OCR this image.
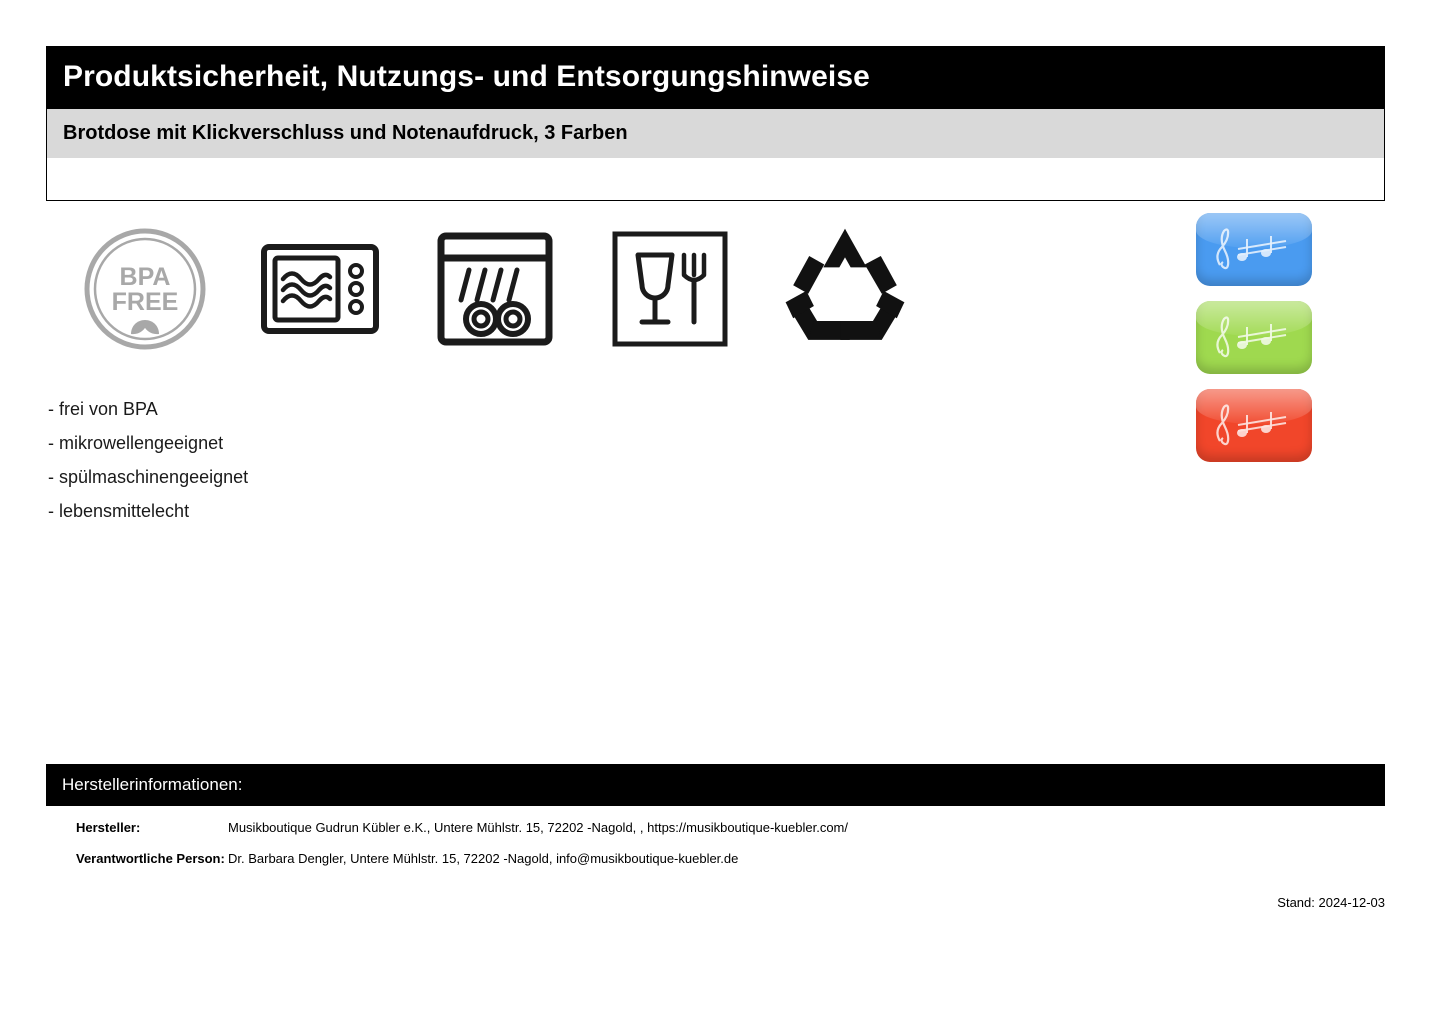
Produktsicherheit, Nutzungs- und Entsorgungshinweise
Brotdose mit Klickverschluss und Notenaufdruck, 3 Farben
BPA
FREE
- frei von BPA
- mikrowellengeeignet
- spülmaschinengeeignet
- lebensmittelecht
Herstellerinformationen:
Hersteller:	Musikboutique Gudrun Kübler e.K., Untere Mühlstr. 15, 72202 -Nagold, , https://musikboutique-kuebler.com/
Verantwortliche Person: Dr. Barbara Dengler, Untere Mühlstr. 15, 72202 -Nagold, info@musikboutique-kuebler.de
Stand: 2024-12-03
